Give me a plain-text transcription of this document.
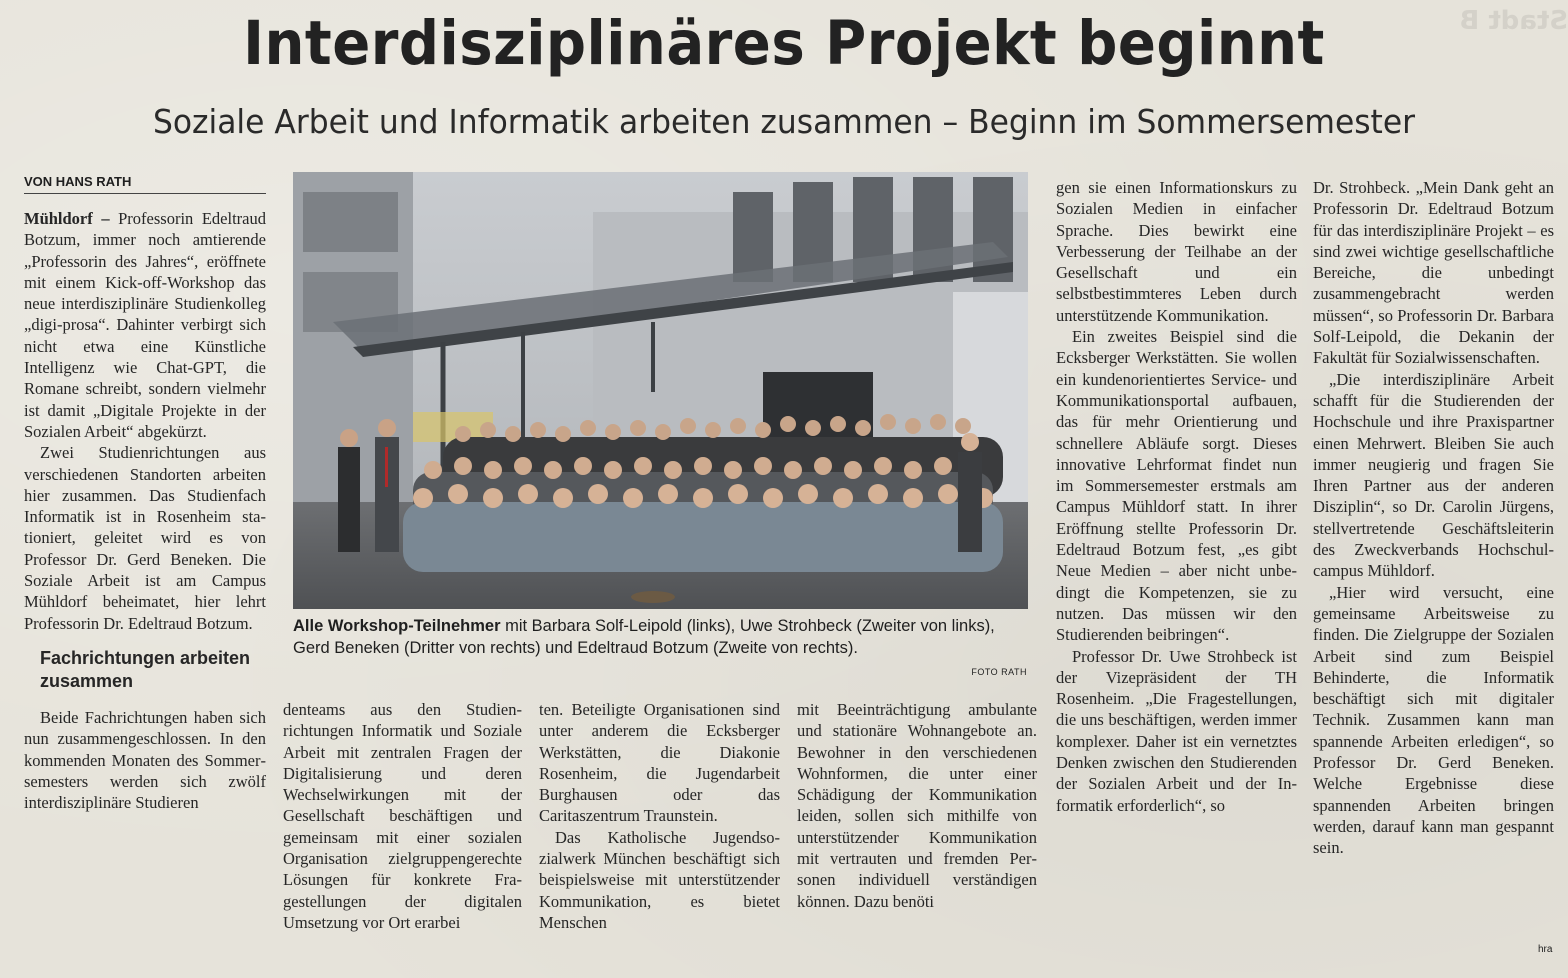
Stadt B
Interdisziplinäres Projekt beginnt
Soziale Arbeit und Informatik arbeiten zusammen – Beginn im Sommersemester
VON HANS RATH

Mühldorf – Professorin Edeltraud Botzum, immer noch amtierende „Professorin des Jahres“, eröffnete mit einem Kick-off-Workshop das neue interdisziplinäre Studienkolleg „digi-prosa“. Dahinter verbirgt sich nicht etwa eine Künstliche Intelligenz wie Chat-GPT, die Romane schreibt, sondern vielmehr ist damit „Digitale Projekte in der Sozialen Arbeit“ abgekürzt.

Zwei Studienrichtungen aus verschiedenen Standorten arbeiten hier zusammen. Das Studienfach Informatik ist in Rosenheim stationiert, geleitet wird es von Professor Dr. Gerd Beneken. Die Soziale Arbeit ist am Campus Mühldorf beheimatet, hier lehrt Professorin Dr. Edeltraud Botzum.

Fachrichtungen arbeiten zusammen

Beide Fachrichtungen haben sich nun zusammengeschlossen. In den kommenden Monaten des Sommersemesters werden sich zwölf interdisziplinäre Studieren

Alle Workshop-Teilnehmer mit Barbara Solf-Leipold (links), Uwe Strohbeck (Zweiter von links), Gerd Beneken (Dritter von rechts) und Edeltraud Botzum (Zweite von rechts).
FOTO RATH

denteams aus den Studienrichtungen Informatik und Soziale Arbeit mit zentralen Fragen der Digitalisierung und deren Wechselwirkungen mit der Gesellschaft beschäftigen und gemeinsam mit einer sozialen Organisation zielgruppengerechte Lösungen für konkrete Fragestellungen der digitalen Umsetzung vor Ort erarbei

ten. Beteiligte Organisationen sind unter anderem die Ecksberger Werkstätten, die Diakonie Rosenheim, die Jugendarbeit Burghausen oder das Caritaszentrum Traunstein.

Das Katholische Jugendsozialwerk München beschäftigt sich beispielsweise mit unterstützender Kommunikation, es bietet Menschen

mit Beeinträchtigung ambulante und stationäre Wohnangebote an. Bewohner in den verschiedenen Wohnformen, die unter einer Schädigung der Kommunikation leiden, sollen sich mithilfe von unterstützender Kommunikation mit vertrauten und fremden Personen individuell verständigen können. Dazu benöti

gen sie einen Informationskurs zu Sozialen Medien in einfacher Sprache. Dies bewirkt eine Verbesserung der Teilhabe an der Gesellschaft und ein selbstbestimmteres Leben durch unterstützende Kommunikation.

Ein zweites Beispiel sind die Ecksberger Werkstätten. Sie wollen ein kundenorientiertes Service- und Kommunikationsportal aufbauen, das für mehr Orientierung und schnellere Abläufe sorgt. Dieses innovative Lehrformat findet nun im Sommersemester erstmals am Campus Mühldorf statt. In ihrer Eröffnung stellte Professorin Dr. Edeltraud Botzum fest, „es gibt Neue Medien – aber nicht unbedingt die Kompetenzen, sie zu nutzen. Das müssen wir den Studierenden beibringen“.

Professor Dr. Uwe Strohbeck ist der Vizepräsident der TH Rosenheim. „Die Fragestellungen, die uns beschäftigen, werden immer komplexer. Daher ist ein vernetztes Denken zwischen den Studierenden der Sozialen Arbeit und der Informatik erforderlich“, so

Dr. Strohbeck. „Mein Dank geht an Professorin Dr. Edeltraud Botzum für das interdisziplinäre Projekt – es sind zwei wichtige gesellschaftliche Bereiche, die unbedingt zusammengebracht werden müssen“, so Professorin Dr. Barbara Solf-Leipold, die Dekanin der Fakultät für Sozialwissenschaften.

„Die interdisziplinäre Arbeit schafft für die Studierenden der Hochschule und ihre Praxispartner einen Mehrwert. Bleiben Sie auch immer neugierig und fragen Sie Ihren Partner aus der anderen Disziplin“, so Dr. Carolin Jürgens, stellvertretende Geschäftsleiterin des Zweckverbands Hochschulcampus Mühldorf.

„Hier wird versucht, eine gemeinsame Arbeitsweise zu finden. Die Zielgruppe der Sozialen Arbeit sind zum Beispiel Behinderte, die Informatik beschäftigt sich mit digitaler Technik. Zusammen kann man spannende Arbeiten erledigen“, so Professor Dr. Gerd Beneken. Welche Ergebnisse diese spannenden Arbeiten bringen werden, darauf kann man gespannt sein.

hra
